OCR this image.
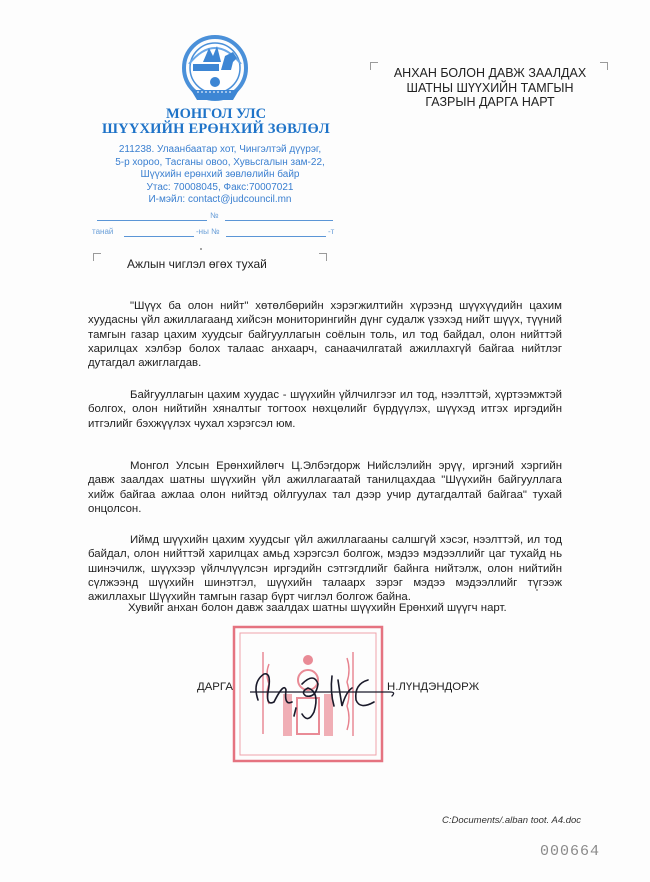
МОНГОЛ УЛС
ШҮҮХИЙН ЕРӨНХИЙ ЗӨВЛӨЛ
211238. Улаанбаатар хот, Чингэлтэй дүүрэг,
5-р хороо, Тасганы овоо, Хувьсгалын зам-22,
Шүүхийн ерөнхий зөвлөлийн байр
Утас: 70008045, Факс:70007021
И-мэйл: contact@judcouncil.mn
№
танай	-ны №	-т
АНХАН БОЛОН ДАВЖ ЗААЛДАХ
ШАТНЫ ШҮҮХИЙН ТАМГЫН
ГАЗРЫН ДАРГА НАРТ
Ажлын чиглэл өгөх тухай

"Шүүх ба олон нийт" хөтөлбөрийн хэрэгжилтийн хүрээнд шүүхүүдийн цахим хуудасны үйл ажиллагаанд хийсэн мониторингийн дүнг судалж үзэхэд нийт шүүх, түүний тамгын газар цахим хуудсыг байгууллагын соёлын толь, ил тод байдал, олон нийттэй харилцах хэлбэр болох талаас анхаарч, санаачилгатай ажиллахгүй байгаа нийтлэг дутагдал ажиглагдав.

Байгууллагын цахим хуудас - шүүхийн үйлчилгээг ил тод, нээлттэй, хүртээмжтэй болгох, олон нийтийн хяналтыг тогтоох нөхцөлийг бүрдүүлэх, шүүхэд итгэх иргэдийн итгэлийг бэхжүүлэх чухал хэрэгсэл юм.

Монгол Улсын Ерөнхийлөгч Ц.Элбэгдорж Нийслэлийн эрүү, иргэний хэргийн давж заалдах шатны шүүхийн үйл ажиллагаатай танилцахдаа "Шүүхийн байгууллага хийж байгаа ажлаа олон нийтэд ойлгуулах тал дээр учир дутагдалтай байгаа" тухай онцолсон.

Иймд шүүхийн цахим хуудсыг үйл ажиллагааны салшгүй хэсэг, нээлттэй, ил тод байдал, олон нийттэй харилцах амьд хэрэгсэл болгож, мэдээ мэдээллийг цаг тухайд нь шинэчилж, шүүхээр үйлчлүүлсэн иргэдийн сэтгэгдлийг байнга нийтэлж, олон нийтийн сүлжээнд шүүхийн шинэтгэл, шүүхийн талаарх зэрэг мэдээ мэдээллийг түгээж ажиллахыг Шүүхийн тамгын газар бүрт чиглэл болгож байна.

Хувийг анхан болон давж заалдах шатны шүүхийн Ерөнхий шүүгч нарт.
ДАРГА	Н.ЛҮНДЭНДОРЖ
C:Documents/.alban toot. A4.doc
000664
